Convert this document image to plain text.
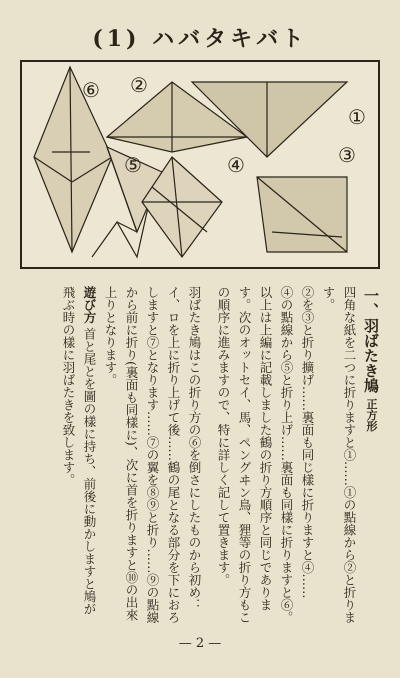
(1) ハバタキバト
⑥ ②
①
③
⑤	④
一、羽ばたき鳩 正方形
四角な紙を二つに折りますと①……①の點線から②と折ります。
②を③と折り擴げ……裏面も同じ樣に折りますと④……
④の點線から⑤と折り上げ……裏面も同樣に折りますと⑥。
以上は上編に記載しました鶴の折り方順序と同じであります。次のオットセイ、馬、ペングヰン鳥、狸等の折り方もこの順序に進みますので、特に詳しく記して置きます。
羽ばたき鳩はこの折り方の⑥を倒さにしたものから初め：
イ、ロを上に折り上げて後……鶴の尾となる部分を下におろしますと⑦となります……⑦の翼を⑧⑨と折り……⑨の點線から前に折り(裏面も同樣に)、次に首を折りますと⑩の出來上りとなります。
遊び方 首と尾とを圖の樣に持ち、前後に動かしますと鳩が飛ぶ時の樣に羽ばたきを致します。
— 2 —
